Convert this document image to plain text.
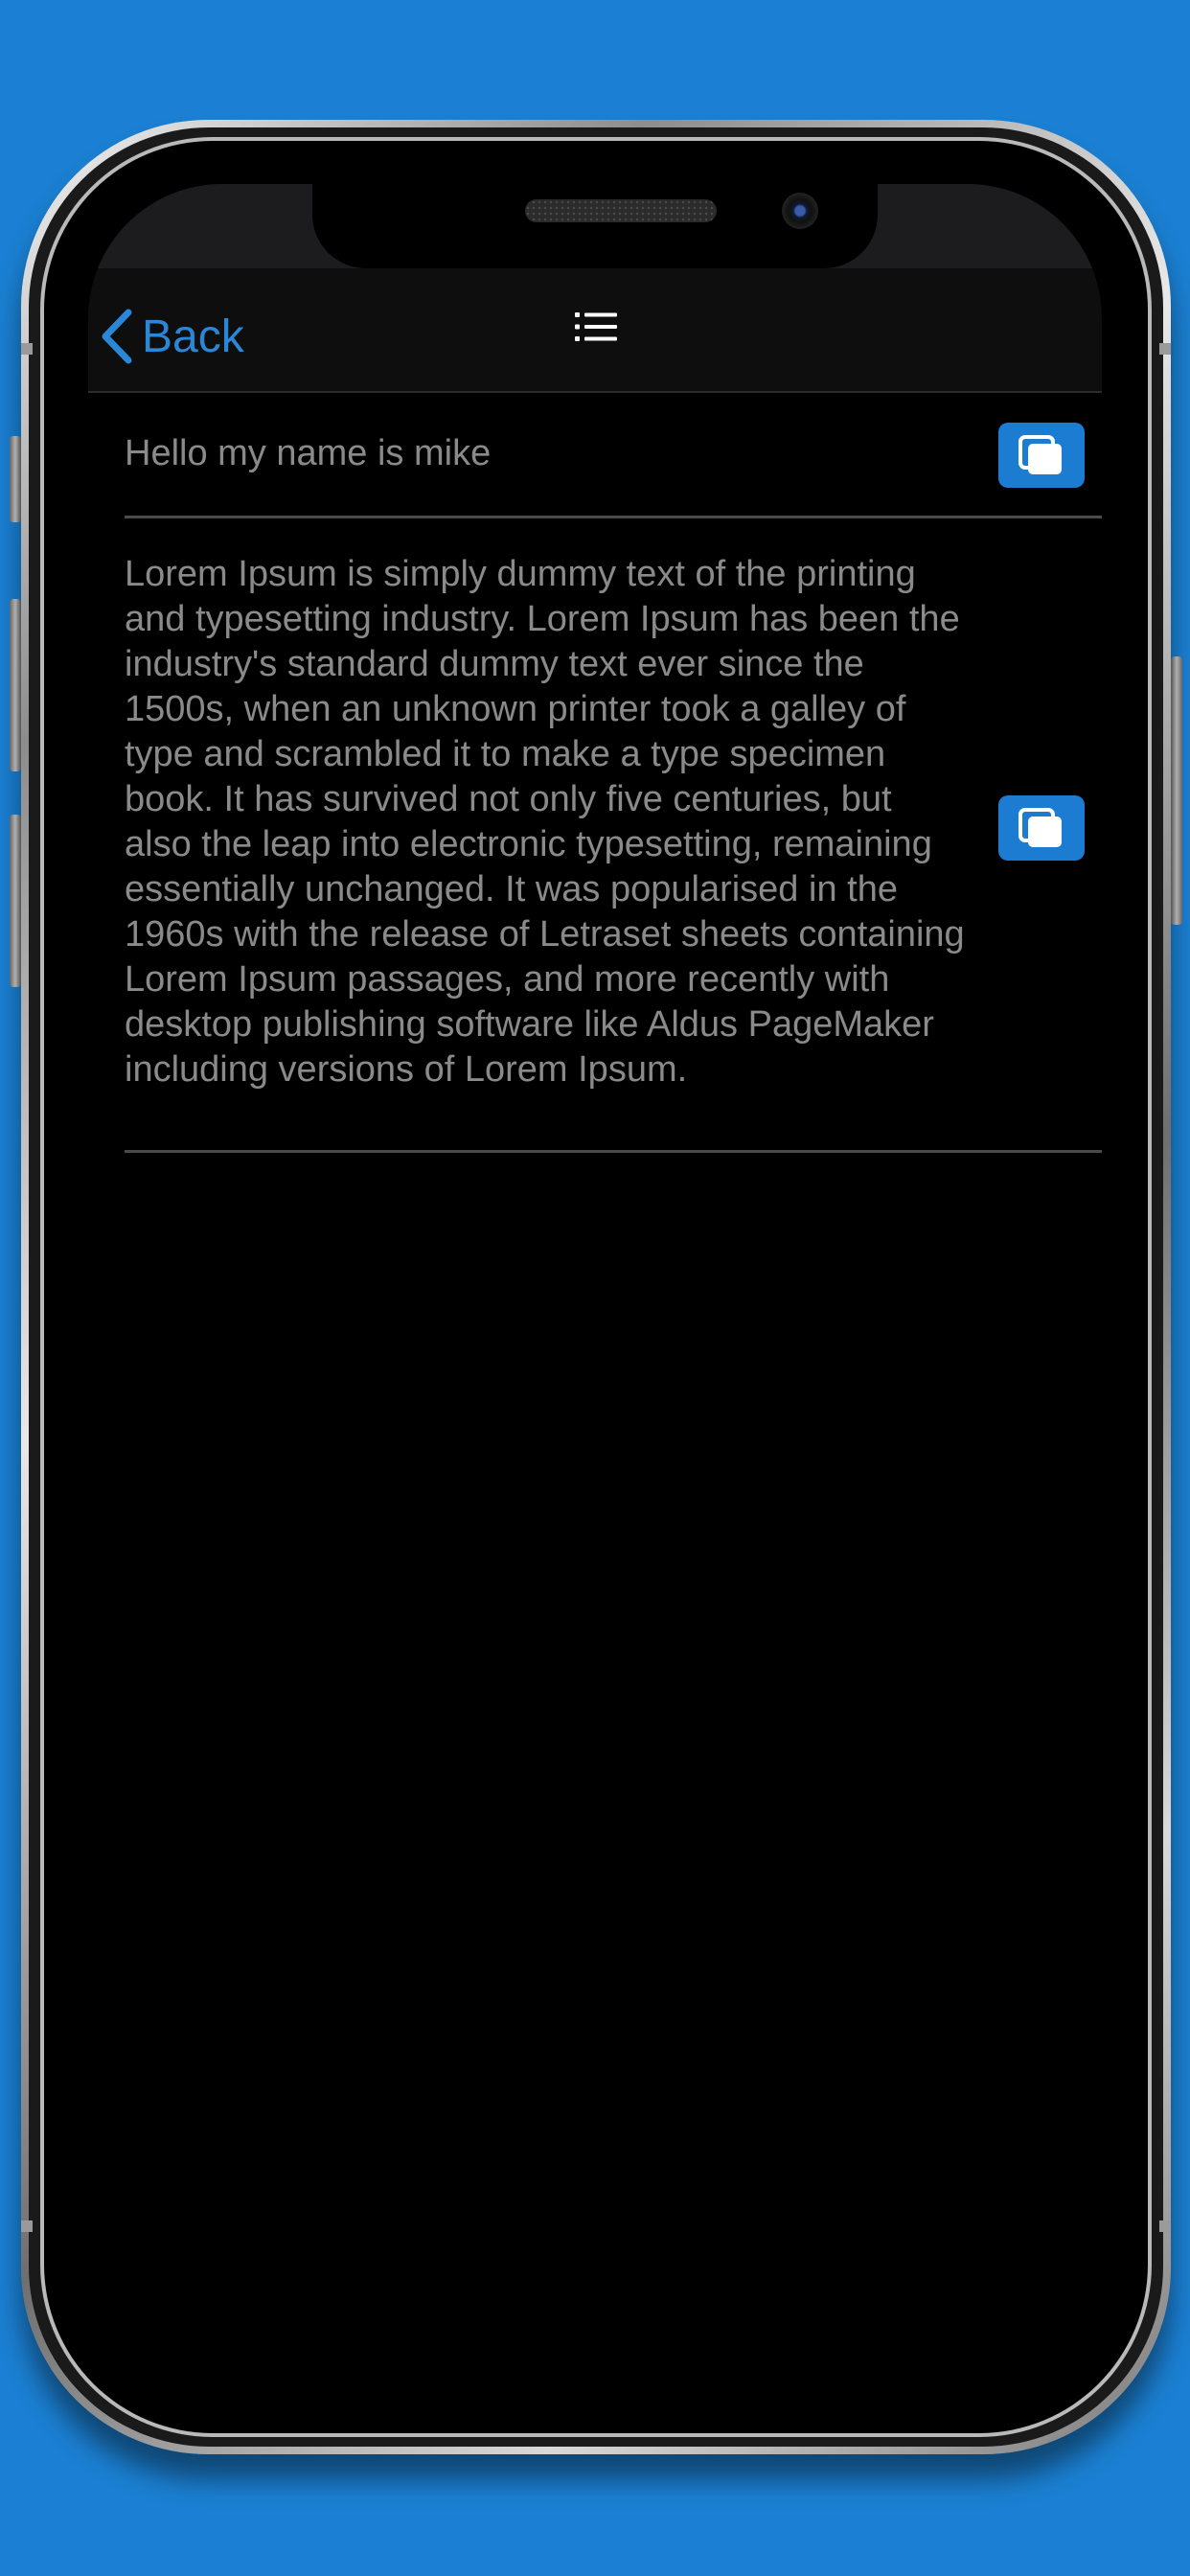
Back
Hello my name is mike
Lorem Ipsum is simply dummy text of the printing and typesetting industry. Lorem Ipsum has been the industry's standard dummy text ever since the 1500s, when an unknown printer took a galley of type and scrambled it to make a type specimen book. It has survived not only five centuries, but also the leap into electronic typesetting, remaining essentially unchanged. It was popularised in the 1960s with the release of Letraset sheets containing Lorem Ipsum passages, and more recently with desktop publishing software like Aldus PageMaker including versions of Lorem Ipsum.
